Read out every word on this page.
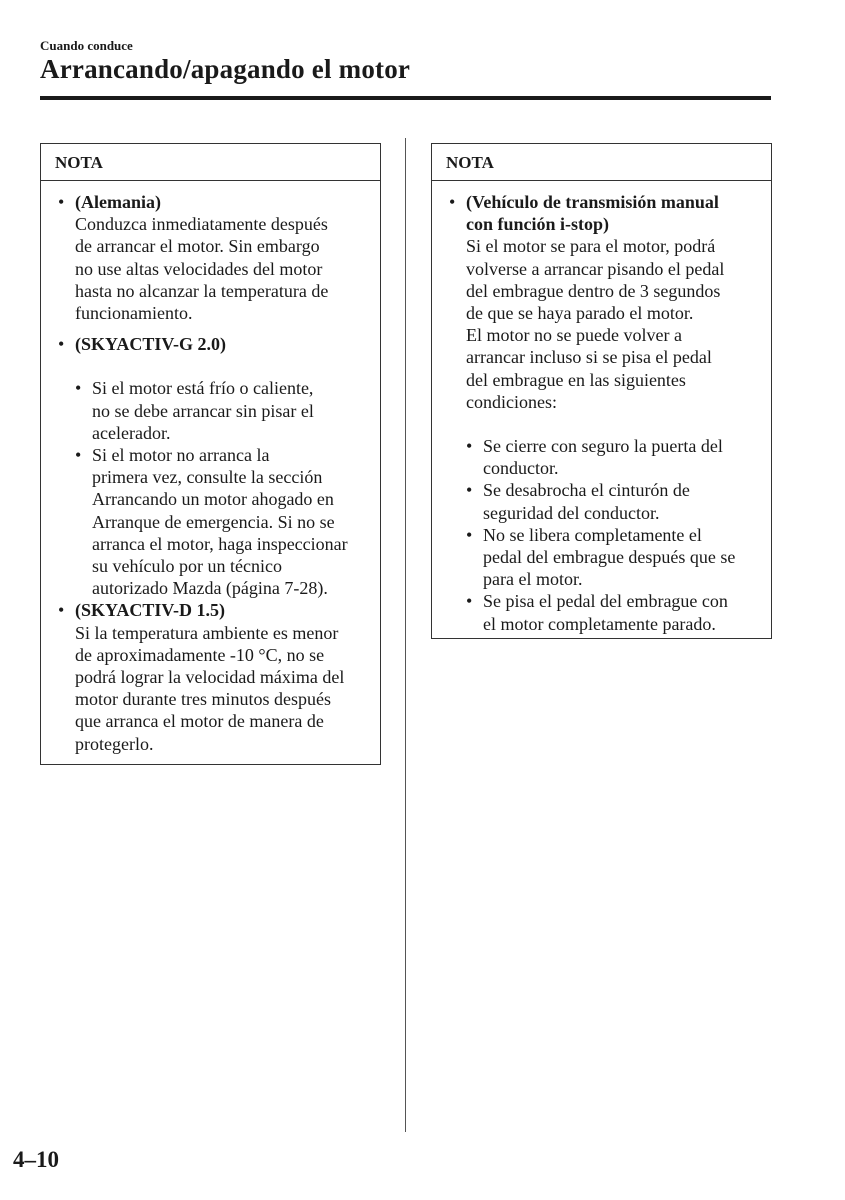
Cuando conduce
Arrancando/apagando el motor
NOTA
• (Alemania)
Conduzca inmediatamente después
de arrancar el motor. Sin embargo
no use altas velocidades del motor
hasta no alcanzar la temperatura de
funcionamiento.
• (SKYACTIV-G 2.0)
• Si el motor está frío o caliente,
no se debe arrancar sin pisar el
acelerador.
• Si el motor no arranca la
primera vez, consulte la sección
Arrancando un motor ahogado en
Arranque de emergencia. Si no se
arranca el motor, haga inspeccionar
su vehículo por un técnico
autorizado Mazda (página 7-28).
• (SKYACTIV-D 1.5)
Si la temperatura ambiente es menor
de aproximadamente -10 °C, no se
podrá lograr la velocidad máxima del
motor durante tres minutos después
que arranca el motor de manera de
protegerlo.
NOTA
• (Vehículo de transmisión manual
con función i-stop)
Si el motor se para el motor, podrá
volverse a arrancar pisando el pedal
del embrague dentro de 3 segundos
de que se haya parado el motor.
El motor no se puede volver a
arrancar incluso si se pisa el pedal
del embrague en las siguientes
condiciones:
• Se cierre con seguro la puerta del
conductor.
• Se desabrocha el cinturón de
seguridad del conductor.
• No se libera completamente el
pedal del embrague después que se
para el motor.
• Se pisa el pedal del embrague con
el motor completamente parado.
4–10
